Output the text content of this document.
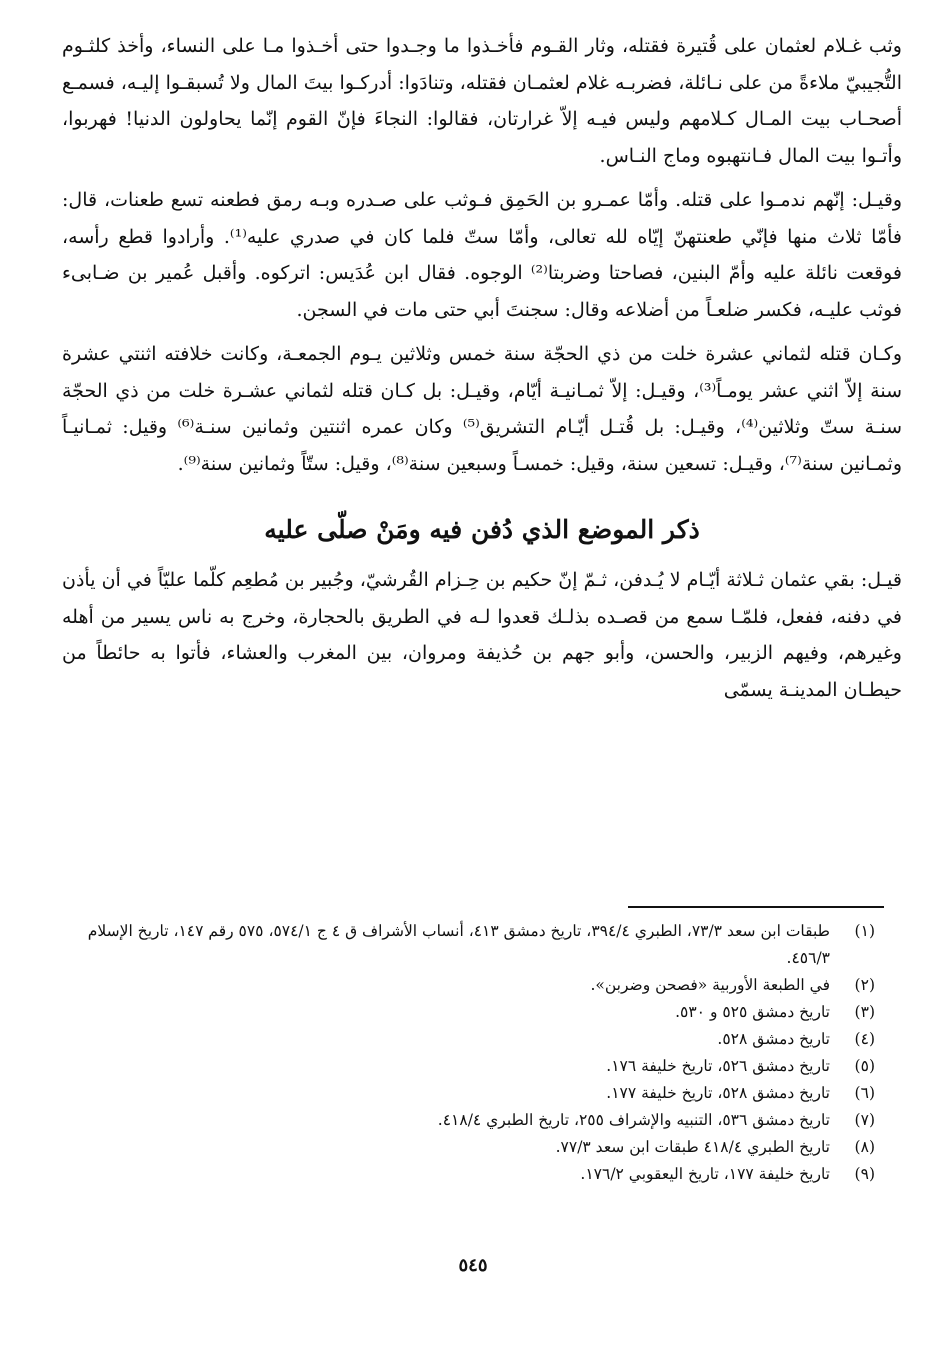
وثب غـلام لعثمان على قُتيرة فقتله، وثار القـوم فأخـذوا ما وجـدوا حتى أخـذوا مـا على النساء، وأخذ كلثـوم التُّجيبيّ ملاءةً من على نـائلة، فضربـه غلام لعثمـان فقتله، وتنادَوا: أدركـوا بيتَ المال ولا تُسبقـوا إليـه، فسمـع أصحـاب بيت المـال كـلامهم وليس فيـه إلاّ غرارتان، فقالوا: النجاءَ فإنّ القوم إنّما يحاولون الدنيا! فهربوا، وأتـوا بيت المال فـانتهبوه وماج النـاس.

وقيـل: إنّهم ندمـوا على قتله. وأمّا عمـرو بن الحَمِق فـوثب على صـدره وبـه رمق فطعنه تسع طعنات، قال: فأمّا ثلاث منها فإنّي طعنتهنّ إيّاه لله تعالى، وأمّا ستّ فلما كان في صدري عليه⁽¹⁾. وأرادوا قطع رأسه، فوقعت نائلة عليه وأمّ البنين، فصاحتا وضربتا⁽²⁾ الوجوه. فقال ابن عُدَيس: اتركوه. وأقبل عُمير بن ضـابىء فوثب عليـه، فكسر ضلعـاً من أضلاعه وقال: سجنتَ أبي حتى مات في السجن.

وكـان قتله لثماني عشرة خلت من ذي الحجّة سنة خمس وثلاثين يـوم الجمعـة، وكانت خلافته اثنتي عشرة سنة إلاّ اثني عشر يومـاً⁽³⁾، وقيـل: إلاّ ثمـانيـة أيّام، وقيـل: بل كـان قتله لثماني عشـرة خلت من ذي الحجّة سنـة ستّ وثلاثين⁽⁴⁾، وقيـل: بل قُتـل أيّـام التشريق⁽⁵⁾ وكان عمره اثنتين وثمانين سنـة⁽⁶⁾ وقيل: ثمـانيـاً وثمـانين سنة⁽⁷⁾، وقيـل: تسعين سنة، وقيل: خمسـاً وسبعين سنة⁽⁸⁾، وقيل: ستّاً وثمانين سنة⁽⁹⁾.

ذكر الموضع الذي دُفن فيه ومَنْ صلّى عليه

قيـل: بقي عثمان ثـلاثة أيّـام لا يُـدفن، ثـمّ إنّ حكيم بن حِـزام القُرشيّ، وجُبير بن مُطعِم كلّما عليّاً في أن يأذن في دفنه، ففعل، فلمّـا سمع من قصـده بذلـك قعدوا لـه في الطريق بالحجارة، وخرج به ناس يسير من أهله وغيرهم، وفيهم الزبير، والحسن، وأبو جهم بن حُذيفة ومروان، بين المغرب والعشاء، فأتوا به حائطاً من حيطـان المدينـة يسمّى

(١)
طبقات ابن سعد ٧٣/٣، الطبري ٣٩٤/٤، تاريخ دمشق ٤١٣، أنساب الأشراف ق ٤ ج ٥٧٤/١، ٥٧٥ رقم ١٤٧، تاريخ الإسلام ٤٥٦/٣.
(٢)
في الطبعة الأوربية «فصحن وضربن».
(٣)
تاريخ دمشق ٥٢٥ و ٥٣٠.
(٤)
تاريخ دمشق ٥٢٨.
(٥)
تاريخ دمشق ٥٢٦، تاريخ خليفة ١٧٦.
(٦)
تاريخ دمشق ٥٢٨، تاريخ خليفة ١٧٧.
(٧)
تاريخ دمشق ٥٣٦، التنبيه والإشراف ٢٥٥، تاريخ الطبري ٤١٨/٤.
(٨)
تاريخ الطبري ٤١٨/٤ طبقات ابن سعد ٧٧/٣.
(٩)
تاريخ خليفة ١٧٧، تاريخ اليعقوبي ١٧٦/٢.
٥٤٥
